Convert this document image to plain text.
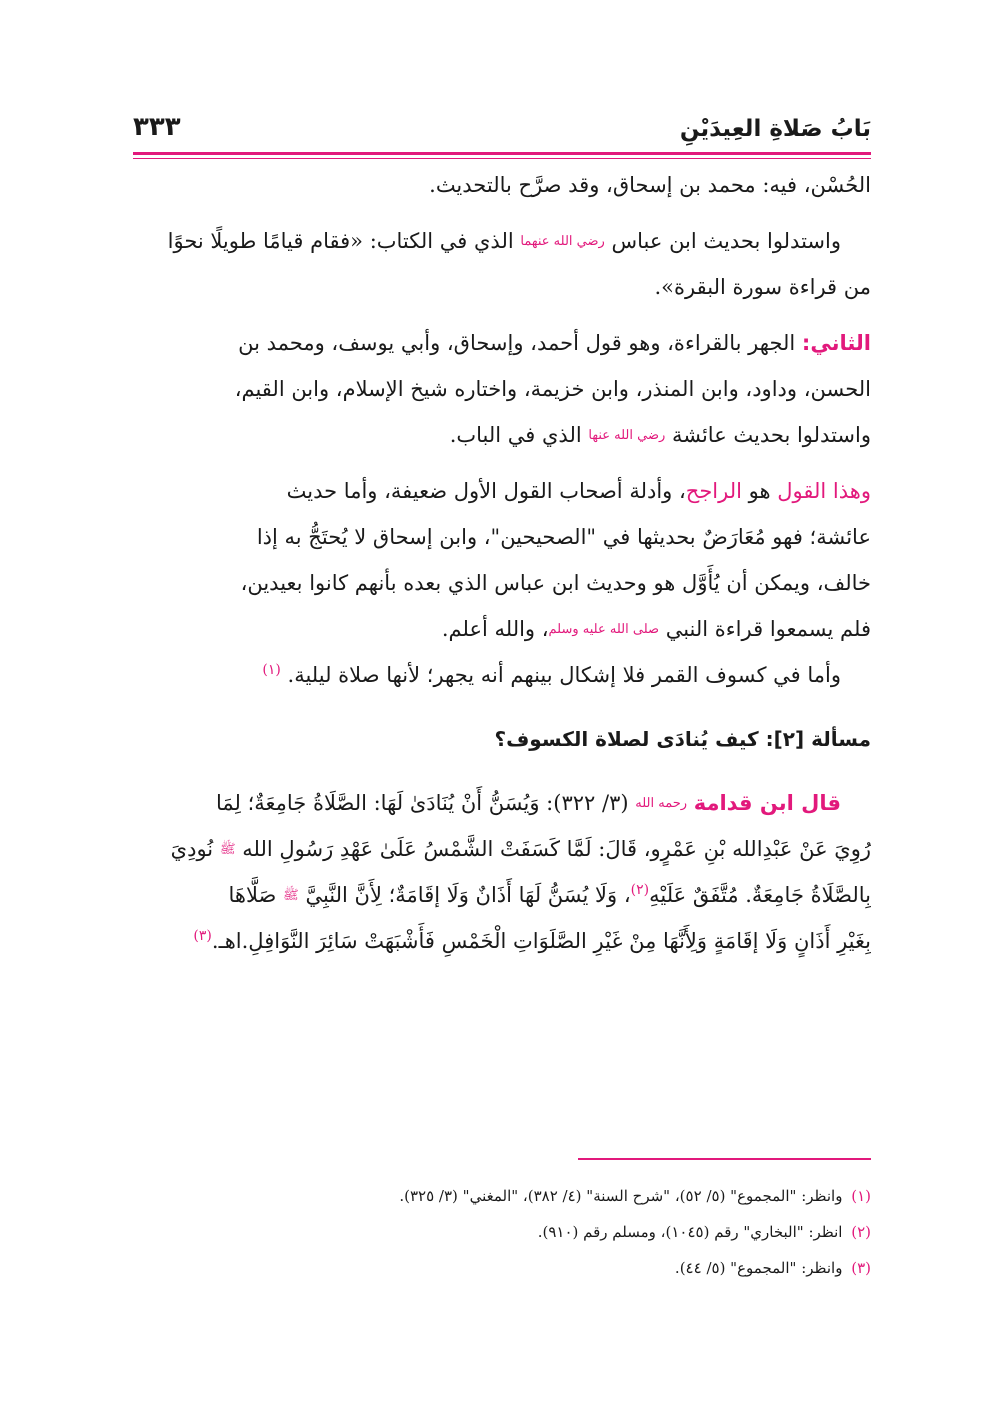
بَابُ صَلاةِ العِيدَيْنِ
٣٣٣
الحُسْن، فيه: محمد بن إسحاق، وقد صرَّح بالتحديث.
واستدلوا بحديث ابن عباس رضي الله عنهما الذي في الكتاب: «فقام قيامًا طويلًا نحوًا
من قراءة سورة البقرة».
الثاني: الجهر بالقراءة، وهو قول أحمد، وإسحاق، وأبي يوسف، ومحمد بن
الحسن، وداود، وابن المنذر، وابن خزيمة، واختاره شيخ الإسلام، وابن القيم،
واستدلوا بحديث عائشة رضي الله عنها الذي في الباب.
وهذا القول هو الراجح، وأدلة أصحاب القول الأول ضعيفة، وأما حديث
عائشة؛ فهو مُعَارَضٌ بحديثها في "الصحيحين"، وابن إسحاق لا يُحتَجُّ به إذا
خالف، ويمكن أن يُأَوَّل هو وحديث ابن عباس الذي بعده بأنهم كانوا بعيدين،
فلم يسمعوا قراءة النبي صلى الله عليه وسلم، والله أعلم.
وأما في كسوف القمر فلا إشكال بينهم أنه يجهر؛ لأنها صلاة ليلية. $^{(١)}$
مسألة [٢]: كيف يُنادَى لصلاة الكسوف؟
قال ابن قدامة رحمه الله (٣/ ٣٢٢): وَيُسَنُّ أَنْ يُنَادَىٰ لَهَا: الصَّلَاةُ جَامِعَةٌ؛ لِمَا
رُوِيَ عَنْ عَبْدِالله بْنِ عَمْرٍو، قَالَ: لَمَّا كَسَفَتْ الشَّمْسُ عَلَىٰ عَهْدِ رَسُولِ الله ﷺ نُودِيَ
بِالصَّلَاةُ جَامِعَةٌ. مُتَّفَقٌ عَلَيْهِ$^{(٢)}$، وَلَا يُسَنُّ لَهَا أَذَانٌ وَلَا إقَامَةٌ؛ لِأَنَّ النَّبِيَّ ﷺ صَلَّاهَا
بِغَيْرِ أَذَانٍ وَلَا إقَامَةٍ وَلِأَنَّهَا مِنْ غَيْرِ الصَّلَوَاتِ الْخَمْسِ فَأَشْبَهَتْ سَائِرَ النَّوَافِلِ.اهـ.$^{(٣)}$
(١) وانظر: "المجموع" (٥/ ٥٢)، "شرح السنة" (٤/ ٣٨٢)، "المغني" (٣/ ٣٢٥).
(٢) انظر: "البخاري" رقم (١٠٤٥)، ومسلم رقم (٩١٠).
(٣) وانظر: "المجموع" (٥/ ٤٤).
